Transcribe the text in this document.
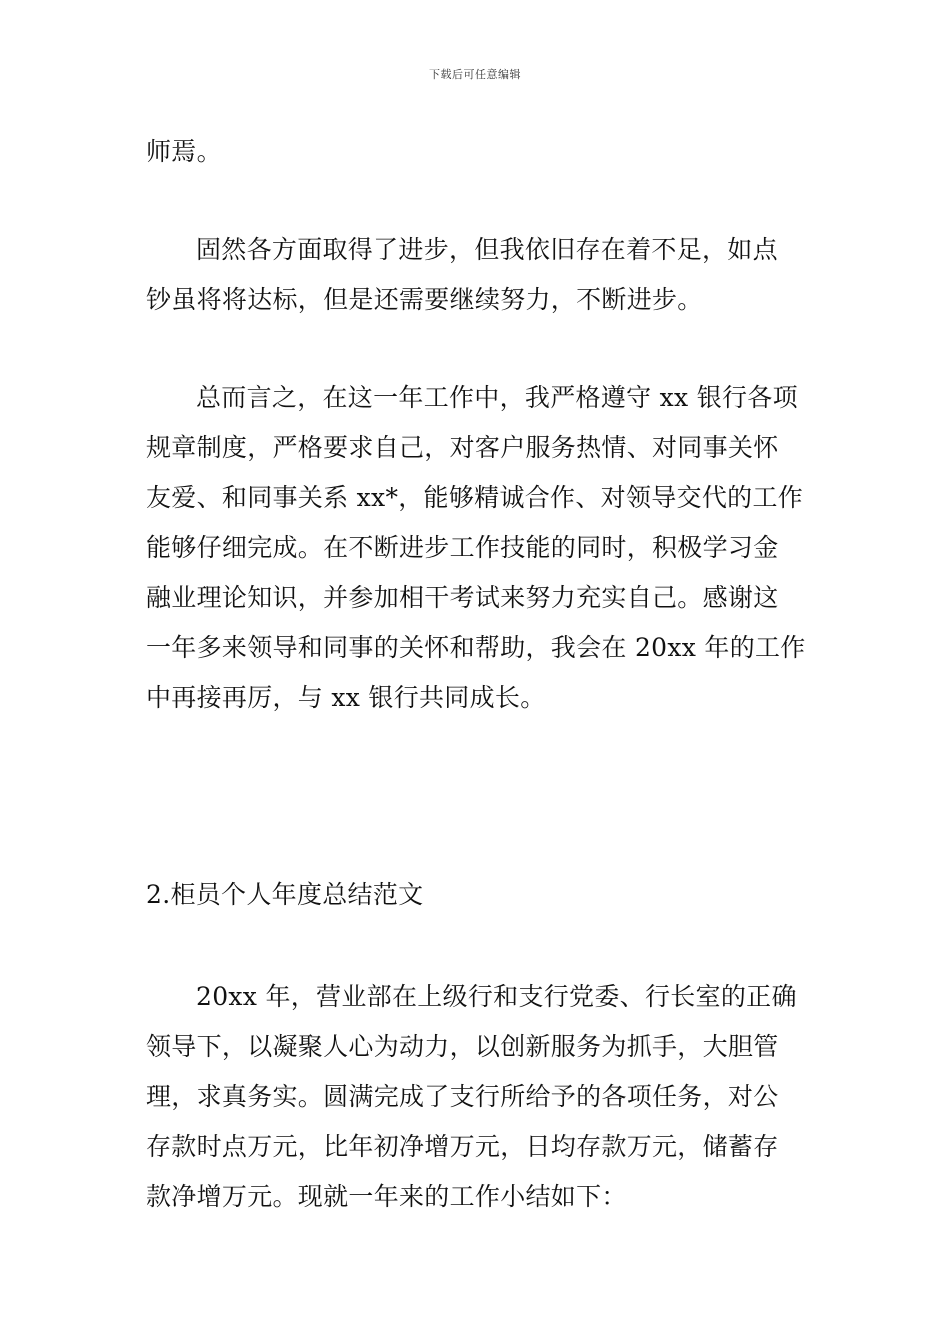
下载后可任意编辑
师焉。
固然各方面取得了进步，但我依旧存在着不足，如点
钞虽将将达标，但是还需要继续努力，不断进步。
总而言之，在这一年工作中，我严格遵守 xx 银行各项
规章制度，严格要求自己，对客户服务热情、对同事关怀
友爱、和同事关系 xx*，能够精诚合作、对领导交代的工作
能够仔细完成。在不断进步工作技能的同时，积极学习金
融业理论知识，并参加相干考试来努力充实自己。感谢这
一年多来领导和同事的关怀和帮助，我会在 20xx 年的工作
中再接再厉，与 xx 银行共同成长。
2.柜员个人年度总结范文
20xx 年，营业部在上级行和支行党委、行长室的正确
领导下，以凝聚人心为动力，以创新服务为抓手，大胆管
理，求真务实。圆满完成了支行所给予的各项任务，对公
存款时点万元，比年初净增万元，日均存款万元，储蓄存
款净增万元。现就一年来的工作小结如下：
